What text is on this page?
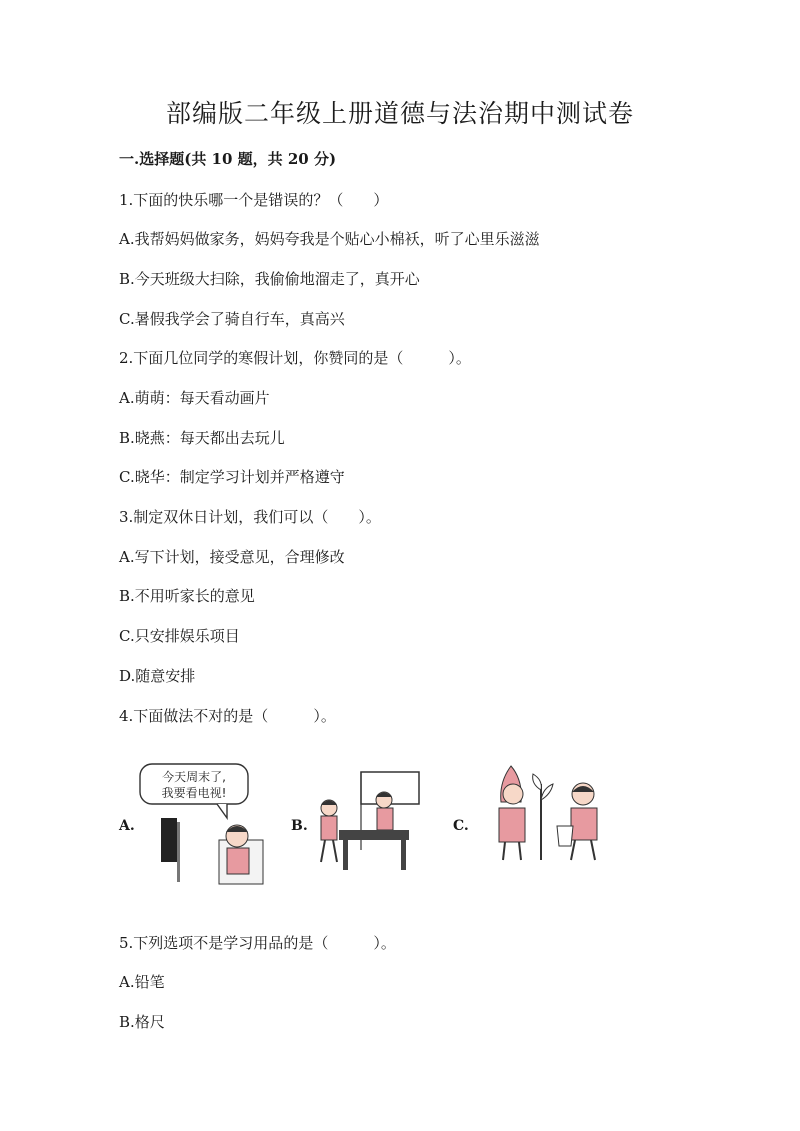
部编版二年级上册道德与法治期中测试卷
一.选择题(共 10 题，共 20 分)
1.下面的快乐哪一个是错误的？（　　）
A.我帮妈妈做家务，妈妈夸我是个贴心小棉袄，听了心里乐滋滋
B.今天班级大扫除，我偷偷地溜走了，真开心
C.暑假我学会了骑自行车，真高兴
2.下面几位同学的寒假计划，你赞同的是（　　　）。
A.萌萌：每天看动画片
B.晓燕：每天都出去玩儿
C.晓华：制定学习计划并严格遵守
3.制定双休日计划，我们可以（　　）。
A.写下计划，接受意见，合理修改
B.不用听家长的意见
C.只安排娱乐项目
D.随意安排
4.下面做法不对的是（　　　）。
A.
今天周末了,
我要看电视!
B.	C.
5.下列选项不是学习用品的是（　　　）。
A.铅笔
B.格尺
